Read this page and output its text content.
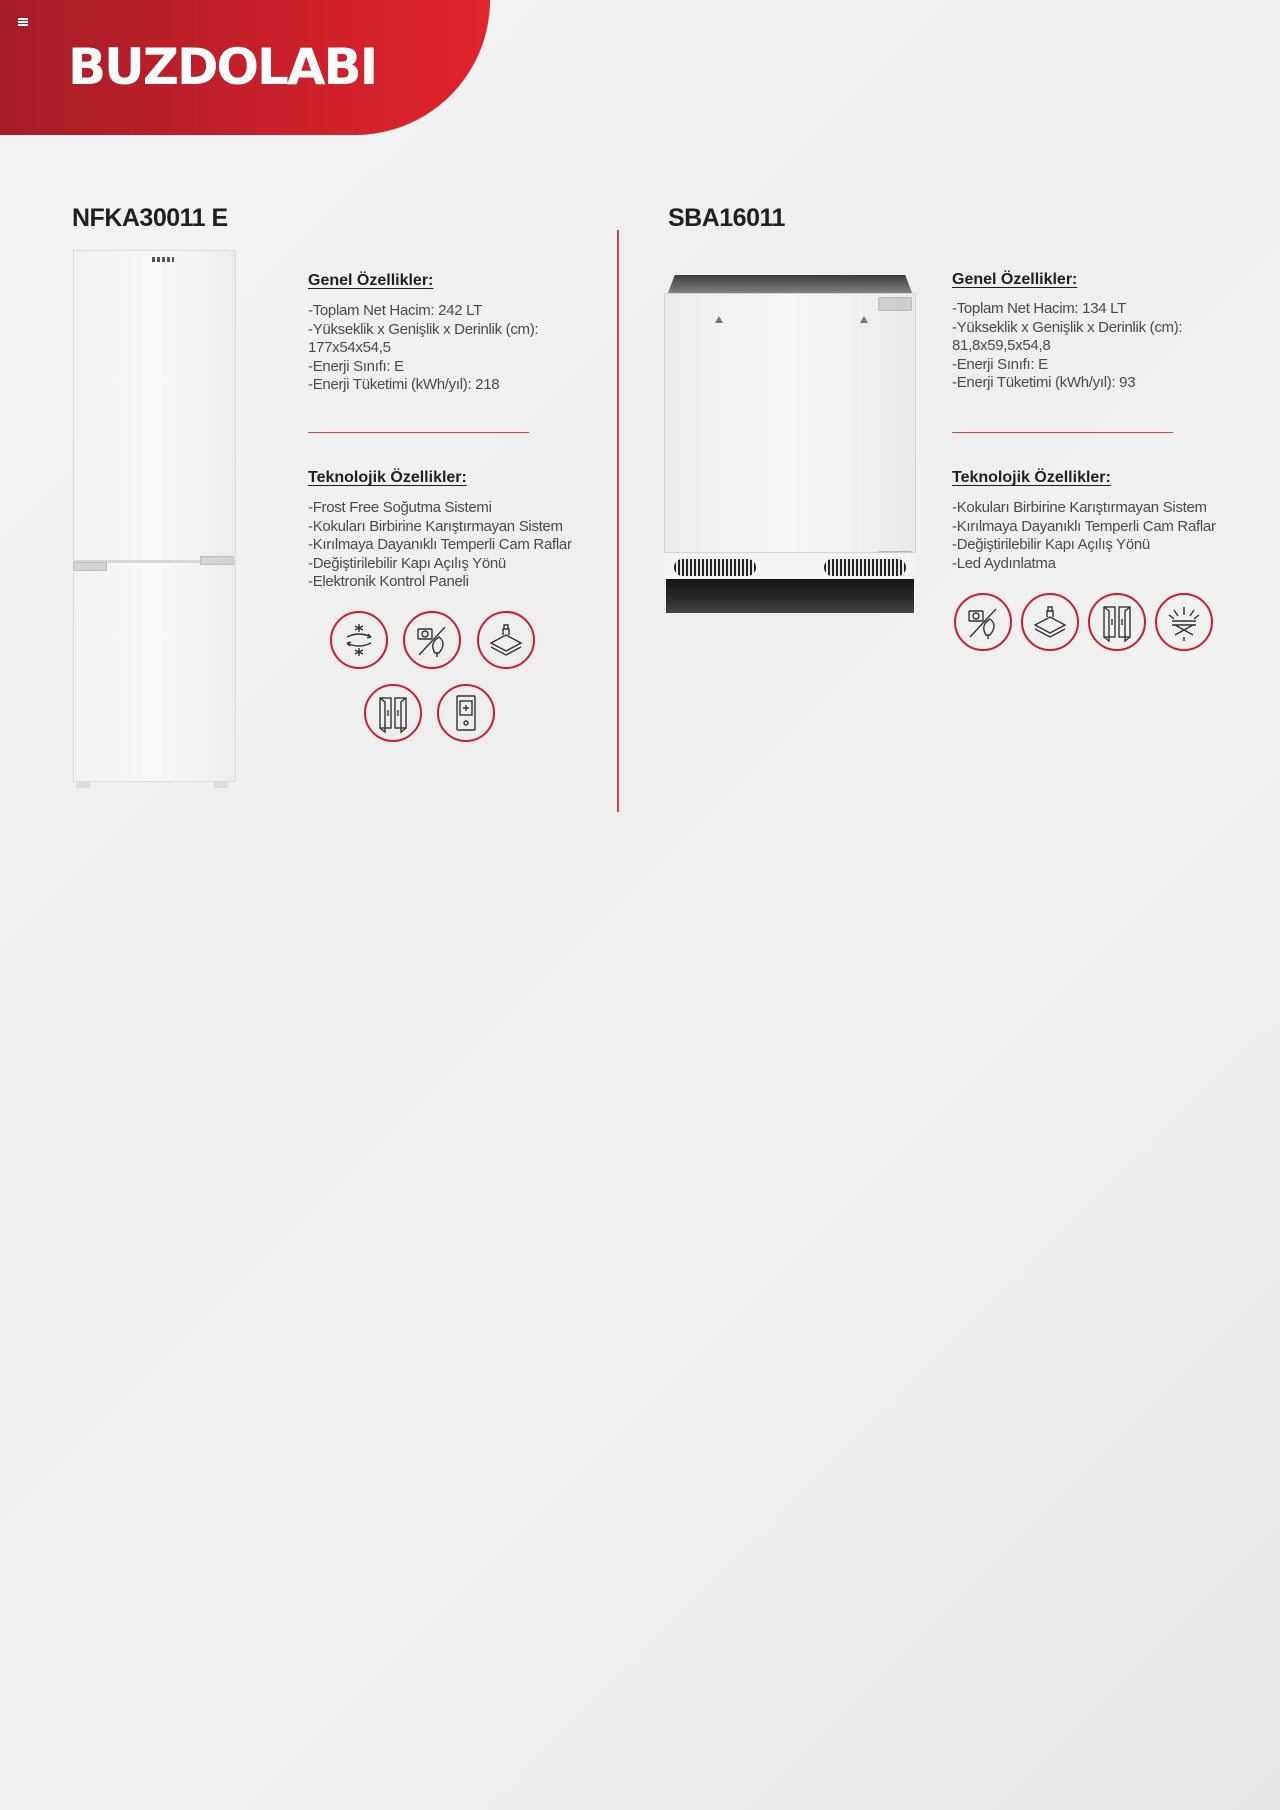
BUZDOLABI
NFKA30011 E
Genel Özellikler:
-Toplam Net Hacim: 242 LT
-Yükseklik x Genişlik x Derinlik (cm):
177x54x54,5
-Enerji Sınıfı: E
-Enerji Tüketimi (kWh/yıl): 218
Teknolojik Özellikler:
-Frost Free Soğutma Sistemi
-Kokuları Birbirine Karıştırmayan Sistem
-Kırılmaya Dayanıklı Temperli Cam Raflar
-Değiştirilebilir Kapı Açılış Yönü
-Elektronik Kontrol Paneli
SBA16011
Genel Özellikler:
-Toplam Net Hacim: 134 LT
-Yükseklik x Genişlik x Derinlik (cm):
81,8x59,5x54,8
-Enerji Sınıfı: E
-Enerji Tüketimi (kWh/yıl): 93
Teknolojik Özellikler:
-Kokuları Birbirine Karıştırmayan Sistem
-Kırılmaya Dayanıklı Temperli Cam Raflar
-Değiştirilebilir Kapı Açılış Yönü
-Led Aydınlatma
